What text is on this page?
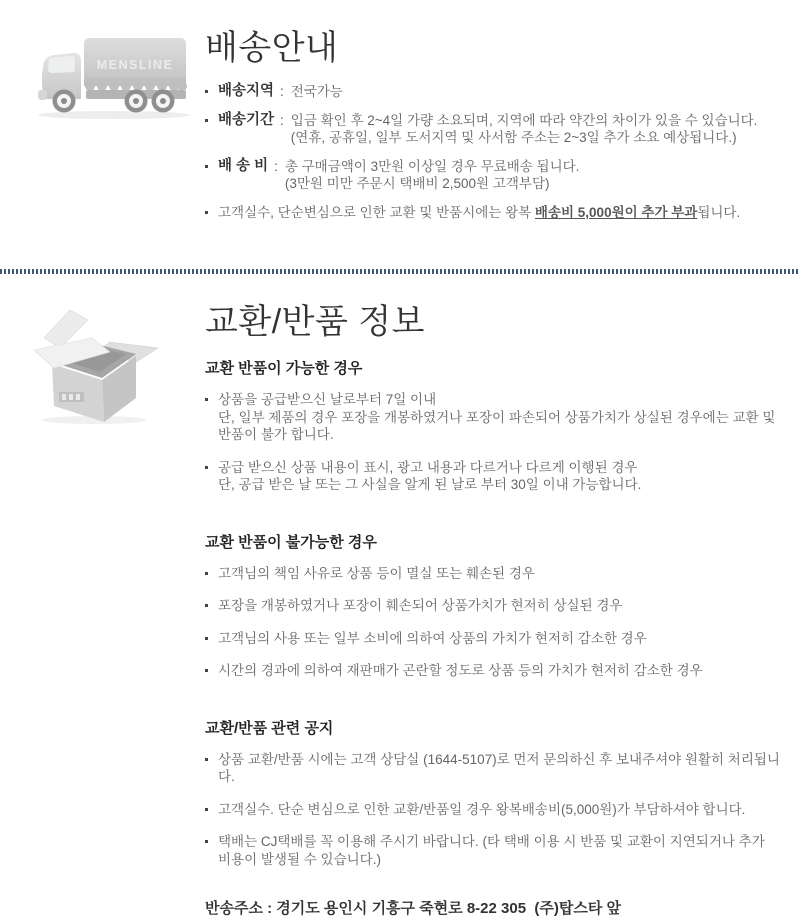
MENSLINE 배송안내
배송지역 : 전국가능
배송기간 : 입금 확인 후 2~4일 가량 소요되며, 지역에 따라 약간의 차이가 있을 수 있습니다.
(연휴, 공휴일, 일부 도서지역 및 사서함 주소는 2~3일 추가 소요 예상됩니다.)
배 송 비 : 총 구매금액이 3만원 이상일 경우 무료배송 됩니다.
(3만원 미만 주문시 택배비 2,500원 고객부담)
고객실수, 단순변심으로 인한 교환 및 반품시에는 왕복 배송비 5,000원이 추가 부과됩니다.
교환/반품 정보
교환 반품이 가능한 경우
상품을 공급받으신 날로부터 7일 이내
단, 일부 제품의 경우 포장을 개봉하였거나 포장이 파손되어 상품가치가 상실된 경우에는 교환 및
반품이 불가 합니다.
공급 받으신 상품 내용이 표시, 광고 내용과 다르거나 다르게 이행된 경우
단, 공급 받은 날 또는 그 사실을 알게 된 날로 부터 30일 이내 가능합니다.
교환 반품이 불가능한 경우
고객님의 책임 사유로 상품 등이 멸실 또는 훼손된 경우
포장을 개봉하였거나 포장이 훼손되어 상품가치가 현저히 상실된 경우
고객님의 사용 또는 일부 소비에 의하여 상품의 가치가 현저히 감소한 경우
시간의 경과에 의하여 재판매가 곤란할 정도로 상품 등의 가치가 현저히 감소한 경우
교환/반품 관련 공지
상품 교환/반품 시에는 고객 상담실 (1644-5107)로 먼저 문의하신 후 보내주셔야 원활히 처리됩니다.
고객실수. 단순 변심으로 인한 교환/반품일 경우 왕복배송비(5,000원)가 부담하셔야 합니다.
택배는 CJ택배를 꼭 이용해 주시기 바랍니다. (타 택배 이용 시 반품 및 교환이 지연되거나 추가
비용이 발생될 수 있습니다.)

반송주소 : 경기도 용인시 기흥구 죽현로 8-22 305  (주)탑스타 앞
